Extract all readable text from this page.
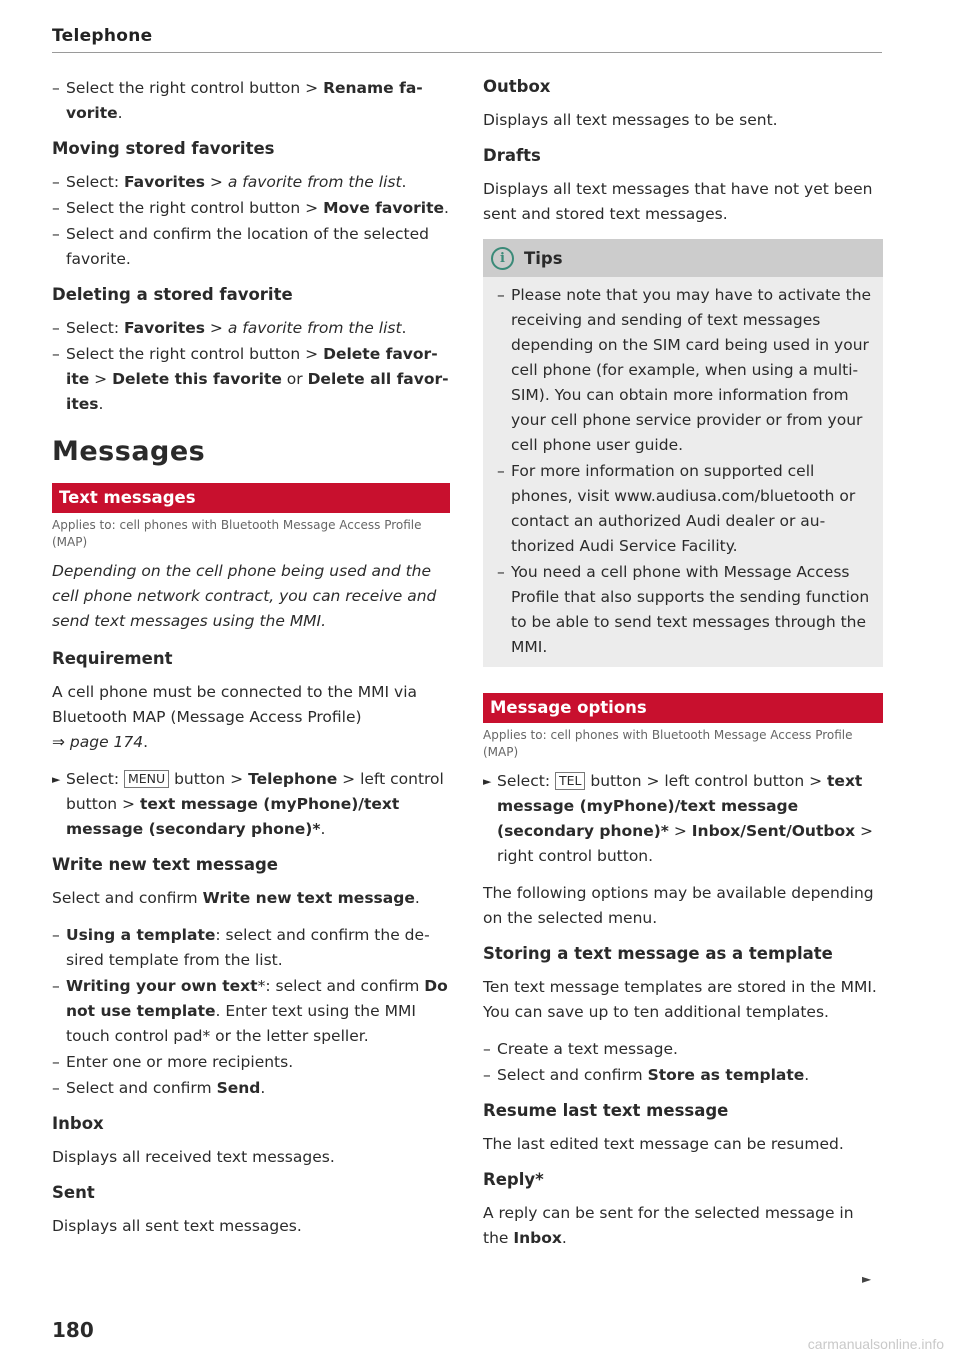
Telephone
– Select the right control button > Rename favorite.
Moving stored favorites
– Select: Favorites > a favorite from the list.
– Select the right control button > Move favorite.
– Select and confirm the location of the selected favorite.
Deleting a stored favorite
– Select: Favorites > a favorite from the list.
– Select the right control button > Delete favorite > Delete this favorite or Delete all favorites.
Messages
Text messages
Applies to: cell phones with Bluetooth Message Access Profile (MAP)

Depending on the cell phone being used and the cell phone network contract, you can receive and send text messages using the MMI.

Requirement

A cell phone must be connected to the MMI via Bluetooth MAP (Message Access Profile)
⇒ page 174.

► Select: MENU button > Telephone > left control button > text message (myPhone)/text message (secondary phone)*.
Write new text message

Select and confirm Write new text message.

– Using a template: select and confirm the desired template from the list.
– Writing your own text*: select and confirm Do not use template. Enter text using the MMI touch control pad* or the letter speller.
– Enter one or more recipients.
– Select and confirm Send.
Inbox

Displays all received text messages.

Sent

Displays all sent text messages.

Outbox

Displays all text messages to be sent.

Drafts

Displays all text messages that have not yet been sent and stored text messages.

i	Tips
– Please note that you may have to activate the receiving and sending of text messages depending on the SIM card being used in your cell phone (for example, when using a multi-SIM). You can obtain more information from your cell phone service provider or from your cell phone user guide.
– For more information on supported cell phones, visit www.audiusa.com/bluetooth or contact an authorized Audi dealer or authorized Audi Service Facility.
– You need a cell phone with Message Access Profile that also supports the sending function to be able to send text messages through the MMI.
Message options
Applies to: cell phones with Bluetooth Message Access Profile (MAP)
► Select: TEL button > left control button > text message (myPhone)/text message (secondary phone)* > Inbox/Sent/Outbox > right control button.

The following options may be available depending on the selected menu.

Storing a text message as a template

Ten text message templates are stored in the MMI. You can save up to ten additional templates.

– Create a text message.
– Select and confirm Store as template.
Resume last text message

The last edited text message can be resumed.

Reply*

A reply can be sent for the selected message in the Inbox.

►
180
carmanualsonline.info
